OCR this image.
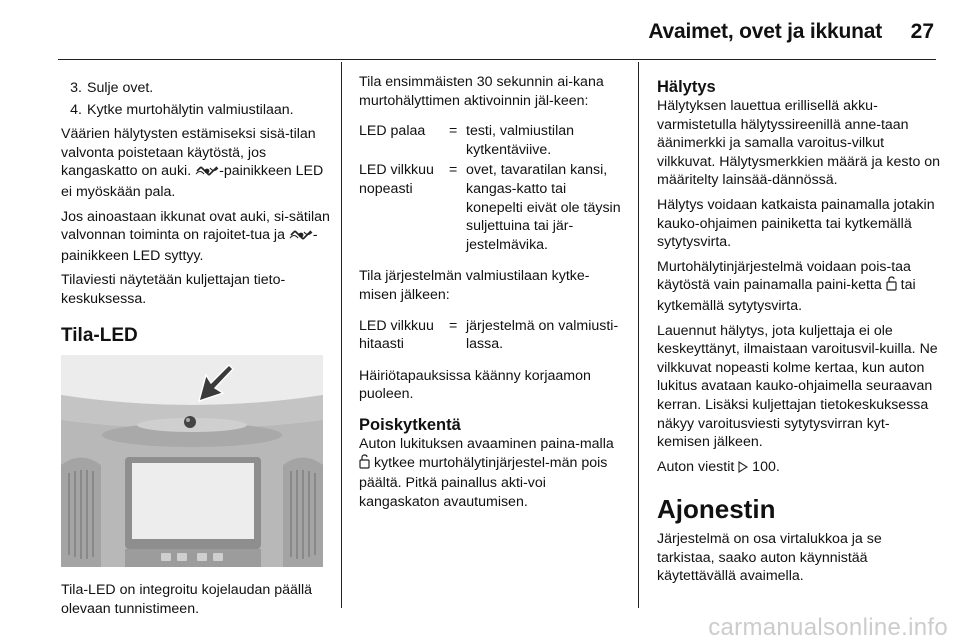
Avaimet, ovet ja ikkunat 27
3. Sulje ovet.
4. Kytke murtohälytin valmiustilaan.

Väärien hälytysten estämiseksi sisä-tilan valvonta poistetaan käytöstä, jos kangaskatto on auki. -painikkeen LED ei myöskään pala.

Jos ainoastaan ikkunat ovat auki, si-sätilan valvonnan toiminta on rajoitet-tua ja -painikkeen LED syttyy.

Tilaviesti näytetään kuljettajan tieto-keskuksessa.

Tila-LED

Tila-LED on integroitu kojelaudan päällä olevaan tunnistimeen.

Tila ensimmäisten 30 sekunnin ai-kana murtohälyttimen aktivoinnin jäl-keen:

LED palaa	= testi, valmiustilan kytkentäviive.
LED vilkkuu nopeasti
= ovet, tavaratilan kansi, kangas-katto tai konepelti eivät ole täysin suljettuina tai jär-jestelmävika.

Tila järjestelmän valmiustilaan kytke-misen jälkeen:

LED vilkkuu hitaasti
= järjestelmä on valmiusti-lassa.

Häiriötapauksissa käänny korjaamon puoleen.

Poiskytkentä

Auton lukituksen avaaminen paina-malla  kytkee murtohälytinjärjestel-män pois päältä. Pitkä painallus akti-voi kangaskaton avautumisen.

Hälytys

Hälytyksen lauettua erillisellä akku-varmistetulla hälytyssireenillä anne-taan äänimerkki ja samalla varoitus-vilkut vilkkuvat. Hälytysmerkkien määrä ja kesto on määritelty lainsää-dännössä.

Hälytys voidaan katkaista painamalla jotakin kauko-ohjaimen painiketta tai kytkemällä sytytysvirta.

Murtohälytinjärjestelmä voidaan pois-taa käytöstä vain painamalla paini-ketta  tai kytkemällä sytytysvirta.

Lauennut hälytys, jota kuljettaja ei ole keskeyttänyt, ilmaistaan varoitusvil-kuilla. Ne vilkkuvat nopeasti kolme kertaa, kun auton lukitus avataan kauko-ohjaimella seuraavan kerran. Lisäksi kuljettajan tietokeskuksessa näkyy varoitusviesti sytytysvirran kyt-kemisen jälkeen.

Auton viestit  100.

Ajonestin

Järjestelmä on osa virtalukkoa ja se tarkistaa, saako auton käynnistää käytettävällä avaimella.

carmanualsonline.info
